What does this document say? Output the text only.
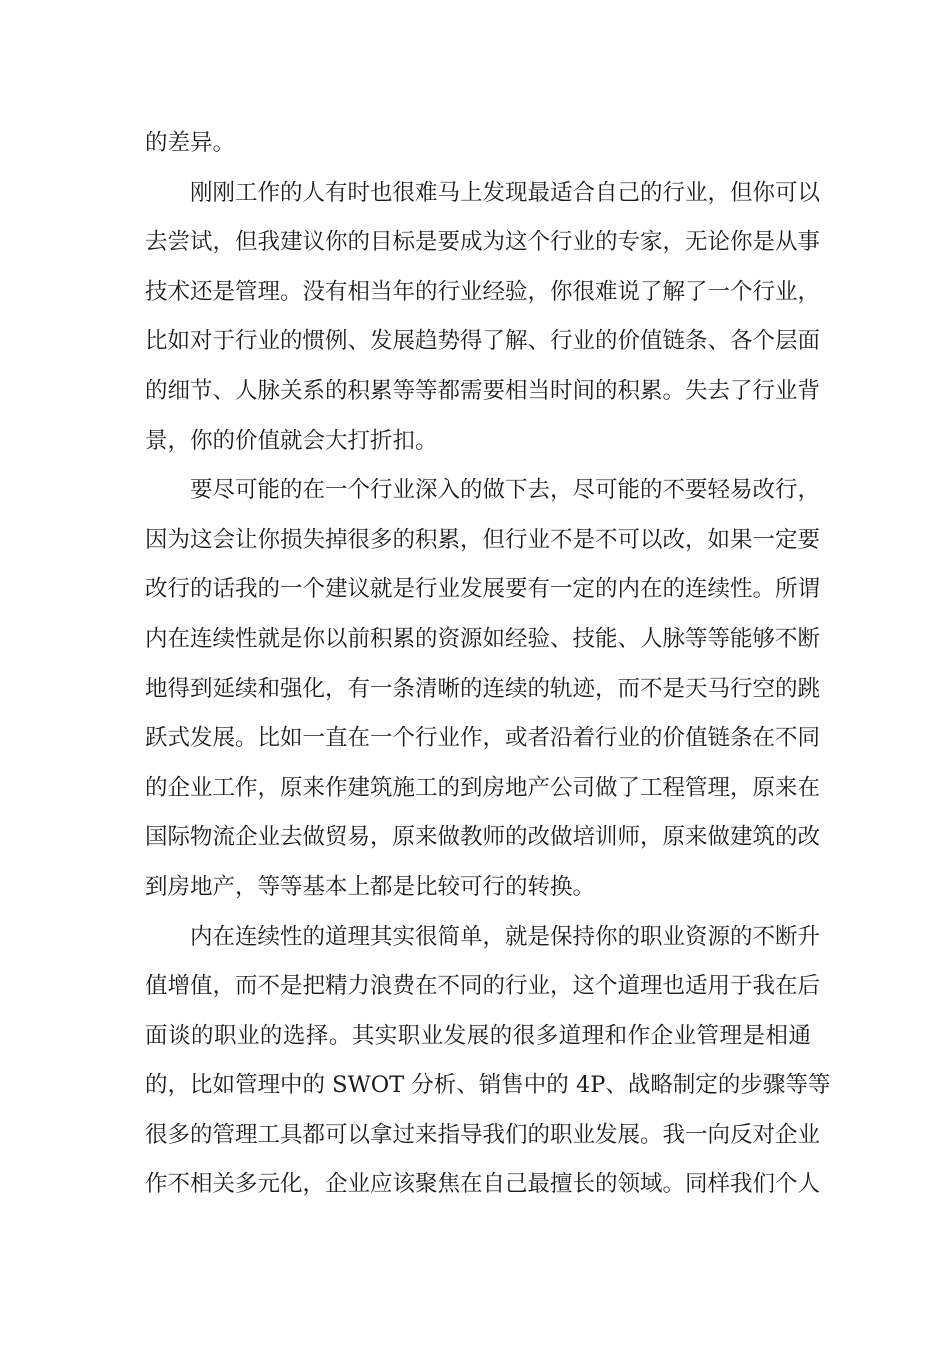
的差异。
刚刚工作的人有时也很难马上发现最适合自己的行业，但你可以
去尝试，但我建议你的目标是要成为这个行业的专家，无论你是从事
技术还是管理。没有相当年的行业经验，你很难说了解了一个行业，
比如对于行业的惯例、发展趋势得了解、行业的价值链条、各个层面
的细节、人脉关系的积累等等都需要相当时间的积累。失去了行业背
景，你的价值就会大打折扣。
要尽可能的在一个行业深入的做下去，尽可能的不要轻易改行，
因为这会让你损失掉很多的积累，但行业不是不可以改，如果一定要
改行的话我的一个建议就是行业发展要有一定的内在的连续性。所谓
内在连续性就是你以前积累的资源如经验、技能、人脉等等能够不断
地得到延续和强化，有一条清晰的连续的轨迹，而不是天马行空的跳
跃式发展。比如一直在一个行业作，或者沿着行业的价值链条在不同
的企业工作，原来作建筑施工的到房地产公司做了工程管理，原来在
国际物流企业去做贸易，原来做教师的改做培训师，原来做建筑的改
到房地产，等等基本上都是比较可行的转换。
内在连续性的道理其实很简单，就是保持你的职业资源的不断升
值增值，而不是把精力浪费在不同的行业，这个道理也适用于我在后
面谈的职业的选择。其实职业发展的很多道理和作企业管理是相通
的，比如管理中的 SWOT 分析、销售中的 4P、战略制定的步骤等等
很多的管理工具都可以拿过来指导我们的职业发展。我一向反对企业
作不相关多元化，企业应该聚焦在自己最擅长的领域。同样我们个人
